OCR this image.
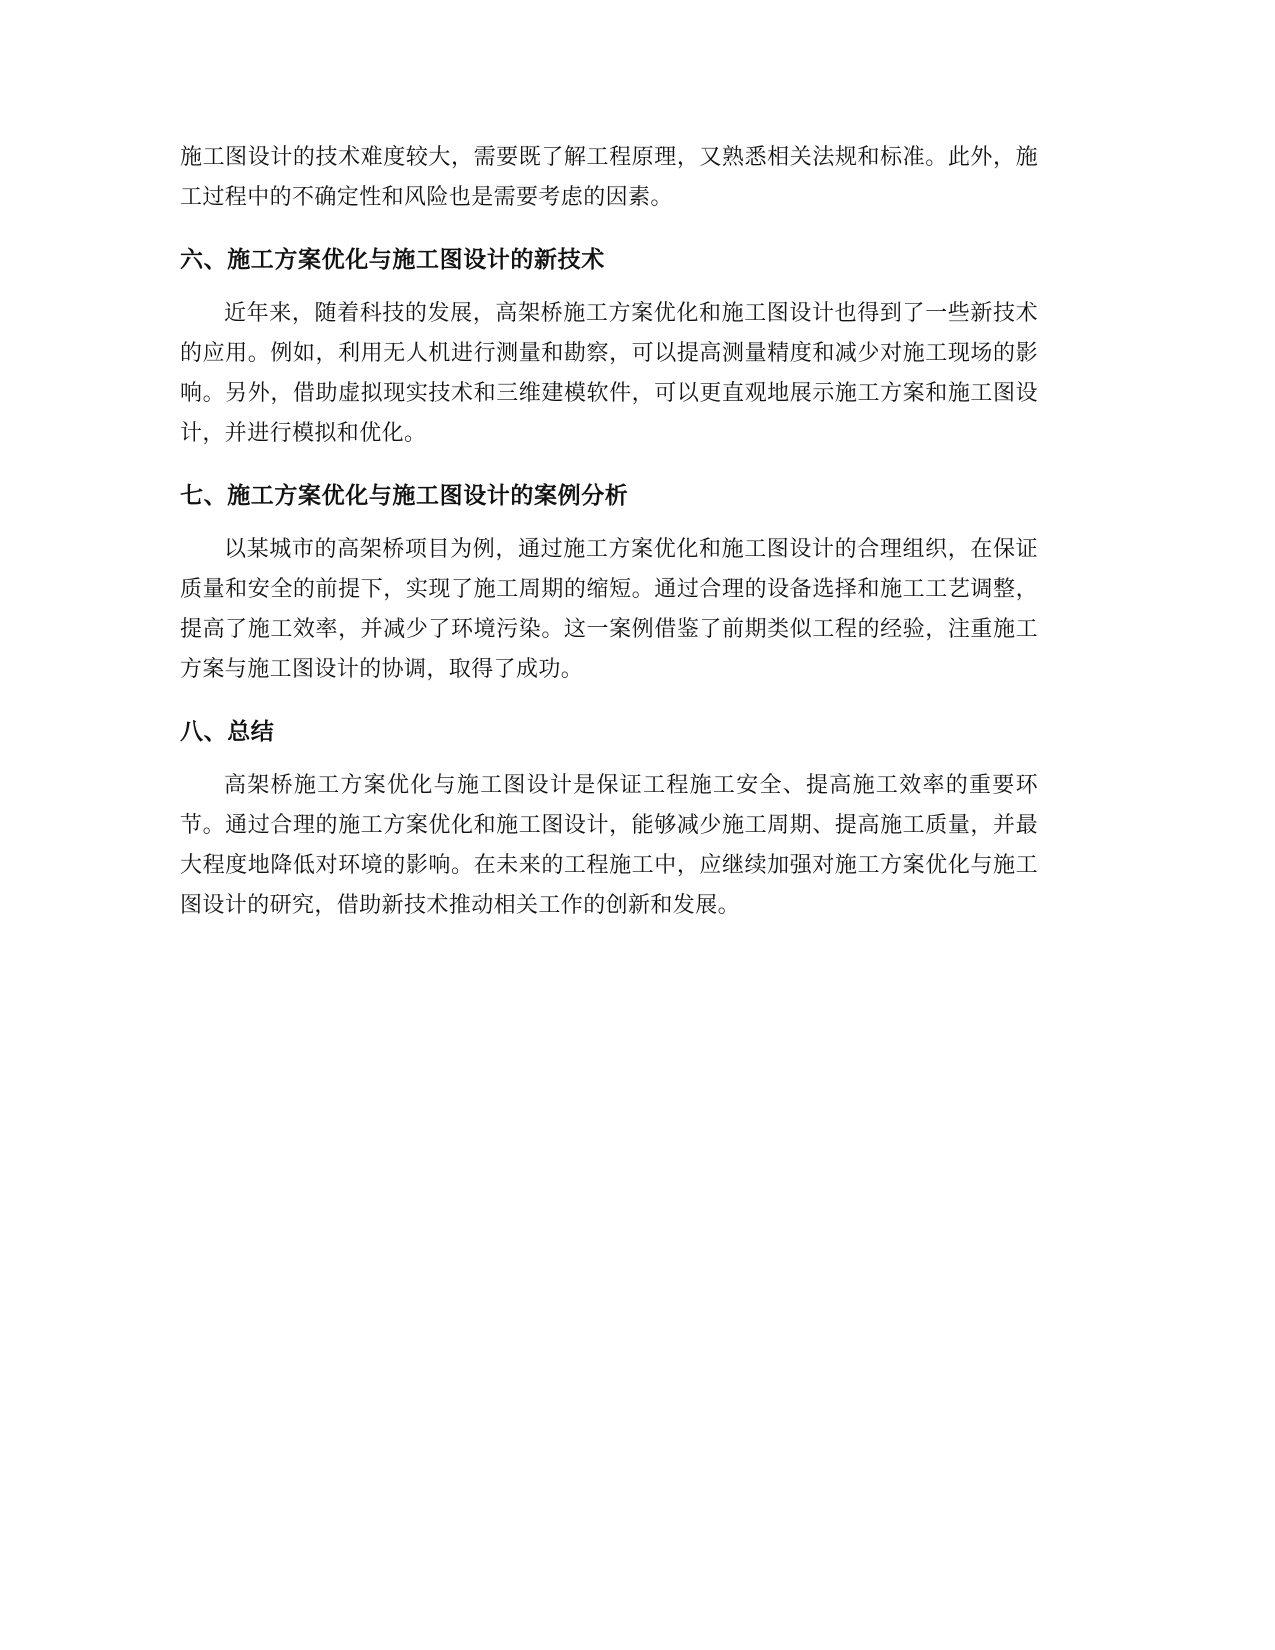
施工图设计的技术难度较大，需要既了解工程原理，又熟悉相关法规和标准。此外，施工过程中的不确定性和风险也是需要考虑的因素。

六、施工方案优化与施工图设计的新技术

近年来，随着科技的发展，高架桥施工方案优化和施工图设计也得到了一些新技术的应用。例如，利用无人机进行测量和勘察，可以提高测量精度和减少对施工现场的影响。另外，借助虚拟现实技术和三维建模软件，可以更直观地展示施工方案和施工图设计，并进行模拟和优化。

七、施工方案优化与施工图设计的案例分析

以某城市的高架桥项目为例，通过施工方案优化和施工图设计的合理组织，在保证质量和安全的前提下，实现了施工周期的缩短。通过合理的设备选择和施工工艺调整，提高了施工效率，并减少了环境污染。这一案例借鉴了前期类似工程的经验，注重施工方案与施工图设计的协调，取得了成功。

八、总结

高架桥施工方案优化与施工图设计是保证工程施工安全、提高施工效率的重要环节。通过合理的施工方案优化和施工图设计，能够减少施工周期、提高施工质量，并最大程度地降低对环境的影响。在未来的工程施工中，应继续加强对施工方案优化与施工图设计的研究，借助新技术推动相关工作的创新和发展。
